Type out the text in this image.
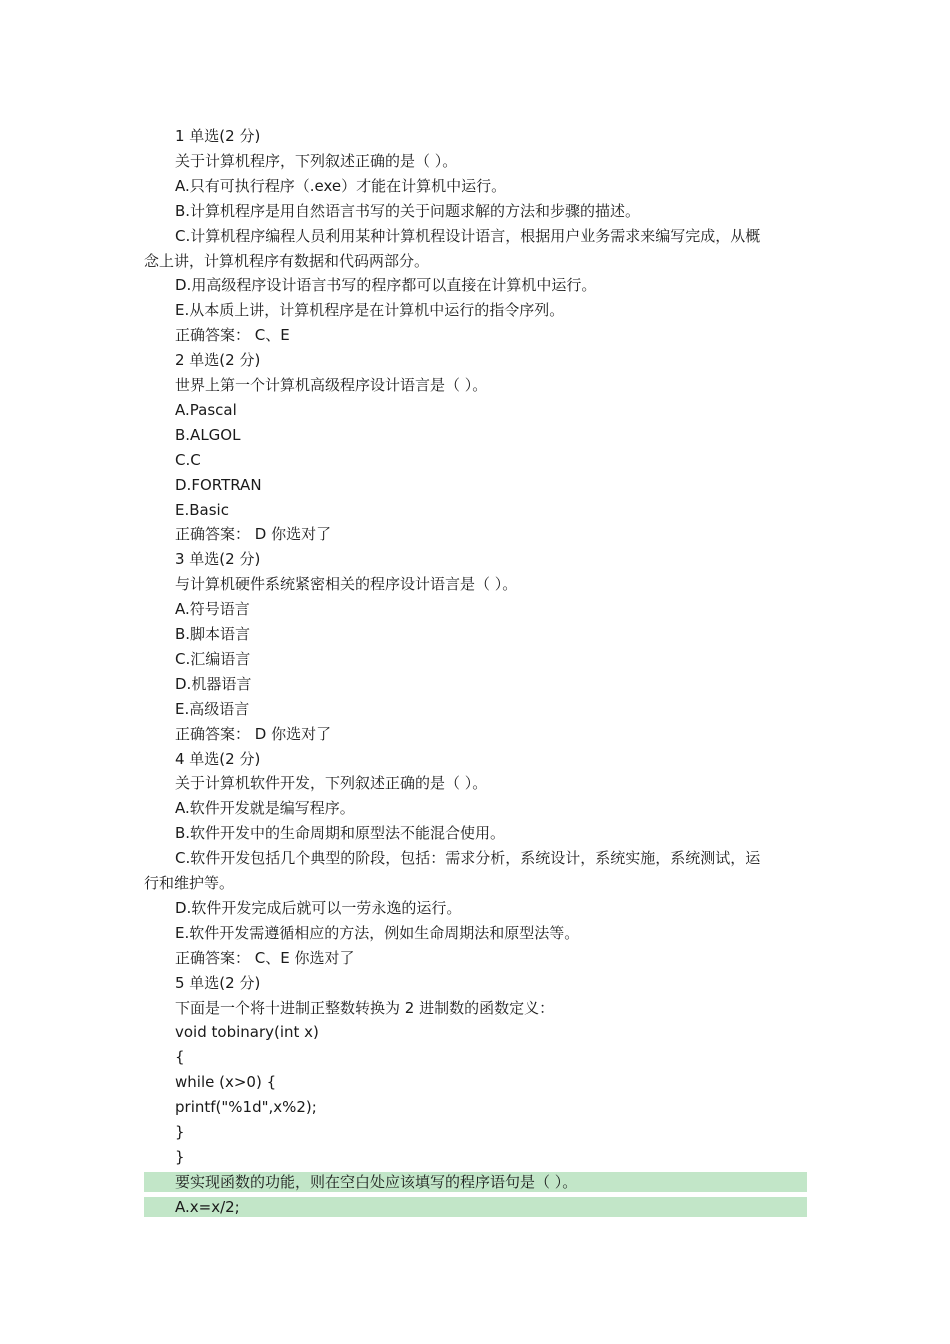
1 单选(2 分)
关于计算机程序，下列叙述正确的是（ ）。
A.只有可执行程序（.exe）才能在计算机中运行。
B.计算机程序是用自然语言书写的关于问题求解的方法和步骤的描述。
C.计算机程序编程人员利用某种计算机程设计语言，根据用户业务需求来编写完成，从概
念上讲，计算机程序有数据和代码两部分。
D.用高级程序设计语言书写的程序都可以直接在计算机中运行。
E.从本质上讲，计算机程序是在计算机中运行的指令序列。
正确答案： C、E
2 单选(2 分)
世界上第一个计算机高级程序设计语言是（ ）。
A.Pascal
B.ALGOL
C.C
D.FORTRAN
E.Basic
正确答案： D 你选对了
3 单选(2 分)
与计算机硬件系统紧密相关的程序设计语言是（ ）。
A.符号语言
B.脚本语言
C.汇编语言
D.机器语言
E.高级语言
正确答案： D 你选对了
4 单选(2 分)
关于计算机软件开发，下列叙述正确的是（ ）。
A.软件开发就是编写程序。
B.软件开发中的生命周期和原型法不能混合使用。
C.软件开发包括几个典型的阶段，包括：需求分析，系统设计，系统实施，系统测试，运
行和维护等。
D.软件开发完成后就可以一劳永逸的运行。
E.软件开发需遵循相应的方法，例如生命周期法和原型法等。
正确答案： C、E 你选对了
5 单选(2 分)
下面是一个将十进制正整数转换为 2 进制数的函数定义：
void tobinary(int x)
{
while (x>0) {
printf("%1d",x%2);
}
}
要实现函数的功能，则在空白处应该填写的程序语句是（ ）。
A.x=x/2;
